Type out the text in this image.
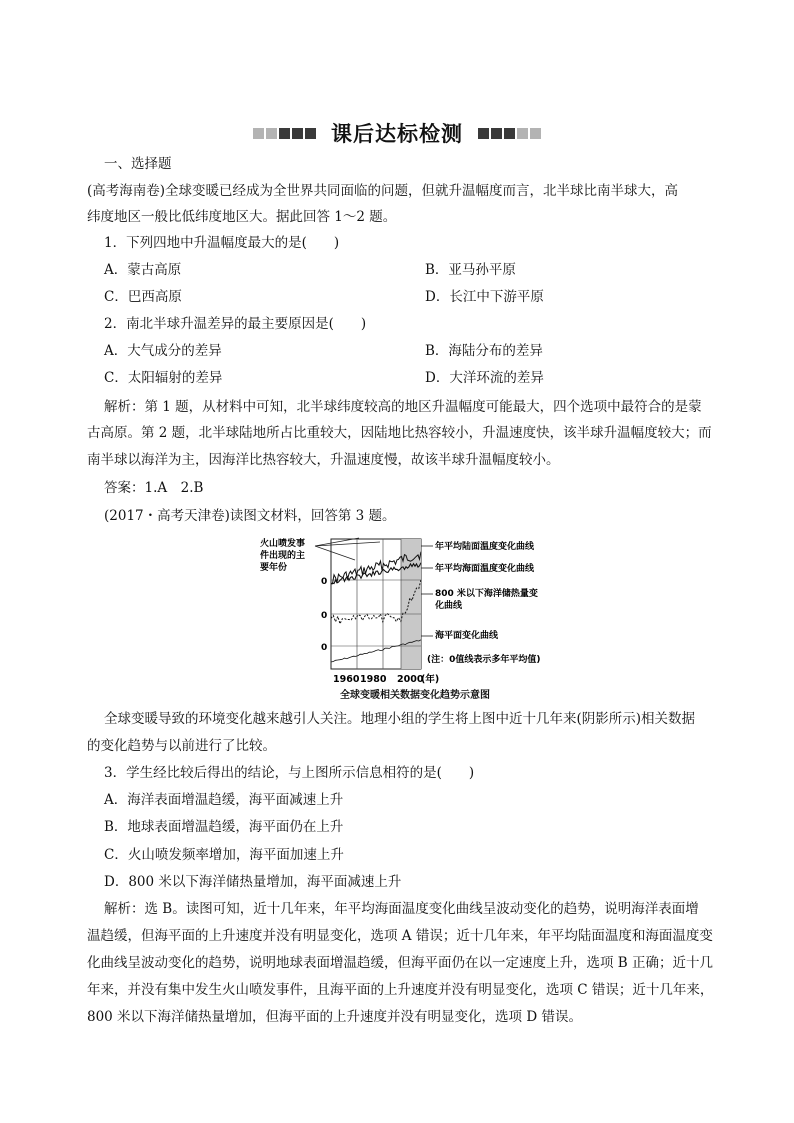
课后达标检测
一、选择题
(高考海南卷)全球变暖已经成为全世界共同面临的问题，但就升温幅度而言，北半球比南半球大，高
纬度地区一般比低纬度地区大。据此回答 1～2 题。
1．下列四地中升温幅度最大的是(　　)
A．蒙古高原	B．亚马孙平原
C．巴西高原	D．长江中下游平原
2．南北半球升温差异的最主要原因是(　　)
A．大气成分的差异	B．海陆分布的差异
C．太阳辐射的差异	D．大洋环流的差异
解析：第 1 题，从材料中可知，北半球纬度较高的地区升温幅度可能最大，四个选项中最符合的是蒙
古高原。第 2 题，北半球陆地所占比重较大，因陆地比热容较小，升温速度快，该半球升温幅度较大；而
南半球以海洋为主，因海洋比热容较大，升温速度慢，故该半球升温幅度较小。
答案：1.A　2.B
(2017・高考天津卷)读图文材料，回答第 3 题。
0
0
0
火山喷发事
件出现的主
要年份
年平均陆面温度变化曲线
年平均海面温度变化曲线
800 米以下海洋储热量变
化曲线
海平面变化曲线
(注：0值线表示多年平均值)
1960 1980 2000
(年)
全球变暖相关数据变化趋势示意图
全球变暖导致的环境变化越来越引人关注。地理小组的学生将上图中近十几年来(阴影所示)相关数据
的变化趋势与以前进行了比较。
3．学生经比较后得出的结论，与上图所示信息相符的是(　　)
A．海洋表面增温趋缓，海平面减速上升
B．地球表面增温趋缓，海平面仍在上升
C．火山喷发频率增加，海平面加速上升
D．800 米以下海洋储热量增加，海平面减速上升
解析：选 B。读图可知，近十几年来，年平均海面温度变化曲线呈波动变化的趋势，说明海洋表面增
温趋缓，但海平面的上升速度并没有明显变化，选项 A 错误；近十几年来，年平均陆面温度和海面温度变
化曲线呈波动变化的趋势，说明地球表面增温趋缓，但海平面仍在以一定速度上升，选项 B 正确；近十几
年来，并没有集中发生火山喷发事件，且海平面的上升速度并没有明显变化，选项 C 错误；近十几年来，
800 米以下海洋储热量增加，但海平面的上升速度并没有明显变化，选项 D 错误。
